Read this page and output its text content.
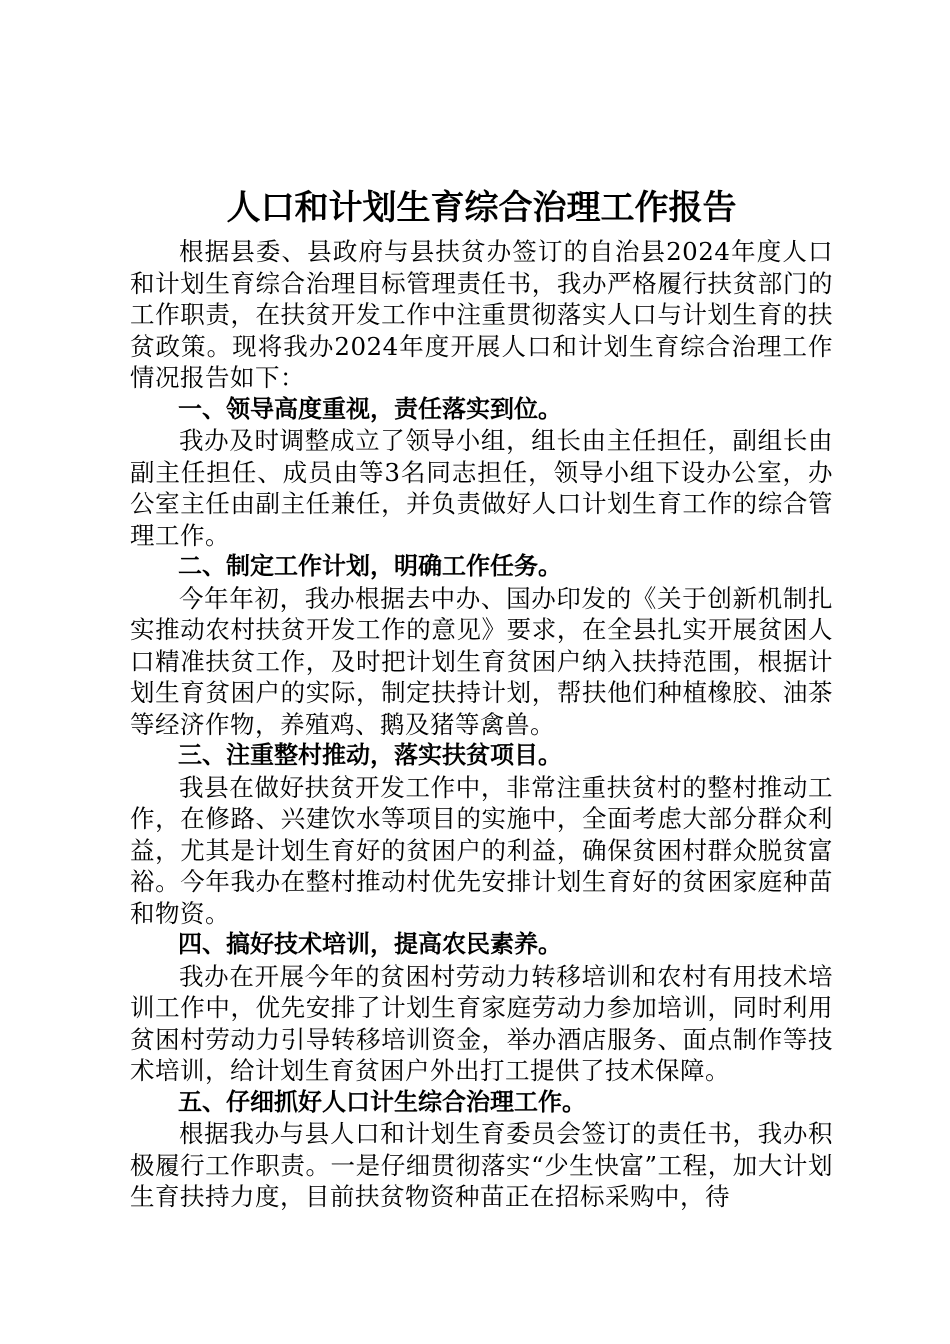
人口和计划生育综合治理工作报告

根据县委、县政府与县扶贫办签订的自治县2024年度人口和计划生育综合治理目标管理责任书，我办严格履行扶贫部门的工作职责，在扶贫开发工作中注重贯彻落实人口与计划生育的扶贫政策。现将我办2024年度开展人口和计划生育综合治理工作情况报告如下：

一、领导高度重视，责任落实到位。

我办及时调整成立了领导小组，组长由主任担任，副组长由副主任担任、成员由等3名同志担任，领导小组下设办公室，办公室主任由副主任兼任，并负责做好人口计划生育工作的综合管理工作。

二、制定工作计划，明确工作任务。

今年年初，我办根据去中办、国办印发的《关于创新机制扎实推动农村扶贫开发工作的意见》要求，在全县扎实开展贫困人口精准扶贫工作，及时把计划生育贫困户纳入扶持范围，根据计划生育贫困户的实际，制定扶持计划，帮扶他们种植橡胶、油茶等经济作物，养殖鸡、鹅及猪等禽兽。

三、注重整村推动，落实扶贫项目。

我县在做好扶贫开发工作中，非常注重扶贫村的整村推动工作，在修路、兴建饮水等项目的实施中，全面考虑大部分群众利益，尤其是计划生育好的贫困户的利益，确保贫困村群众脱贫富裕。今年我办在整村推动村优先安排计划生育好的贫困家庭种苗和物资。

四、搞好技术培训，提高农民素养。

我办在开展今年的贫困村劳动力转移培训和农村有用技术培训工作中，优先安排了计划生育家庭劳动力参加培训，同时利用贫困村劳动力引导转移培训资金，举办酒店服务、面点制作等技术培训，给计划生育贫困户外出打工提供了技术保障。

五、仔细抓好人口计生综合治理工作。

根据我办与县人口和计划生育委员会签订的责任书，我办积极履行工作职责。一是仔细贯彻落实“少生快富”工程，加大计划生育扶持力度，目前扶贫物资种苗正在招标采购中，待
